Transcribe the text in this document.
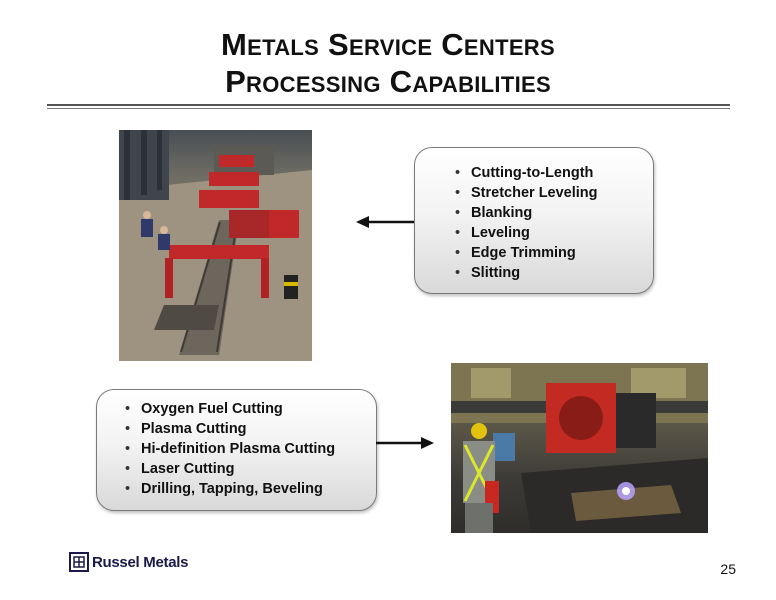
Metals Service Centers
Processing Capabilities
• Cutting-to-Length
• Stretcher Leveling
• Blanking
• Leveling
• Edge Trimming
• Slitting
• Oxygen Fuel Cutting
• Plasma Cutting
• Hi-definition Plasma Cutting
• Laser Cutting
• Drilling, Tapping, Beveling
Russel Metals	25
